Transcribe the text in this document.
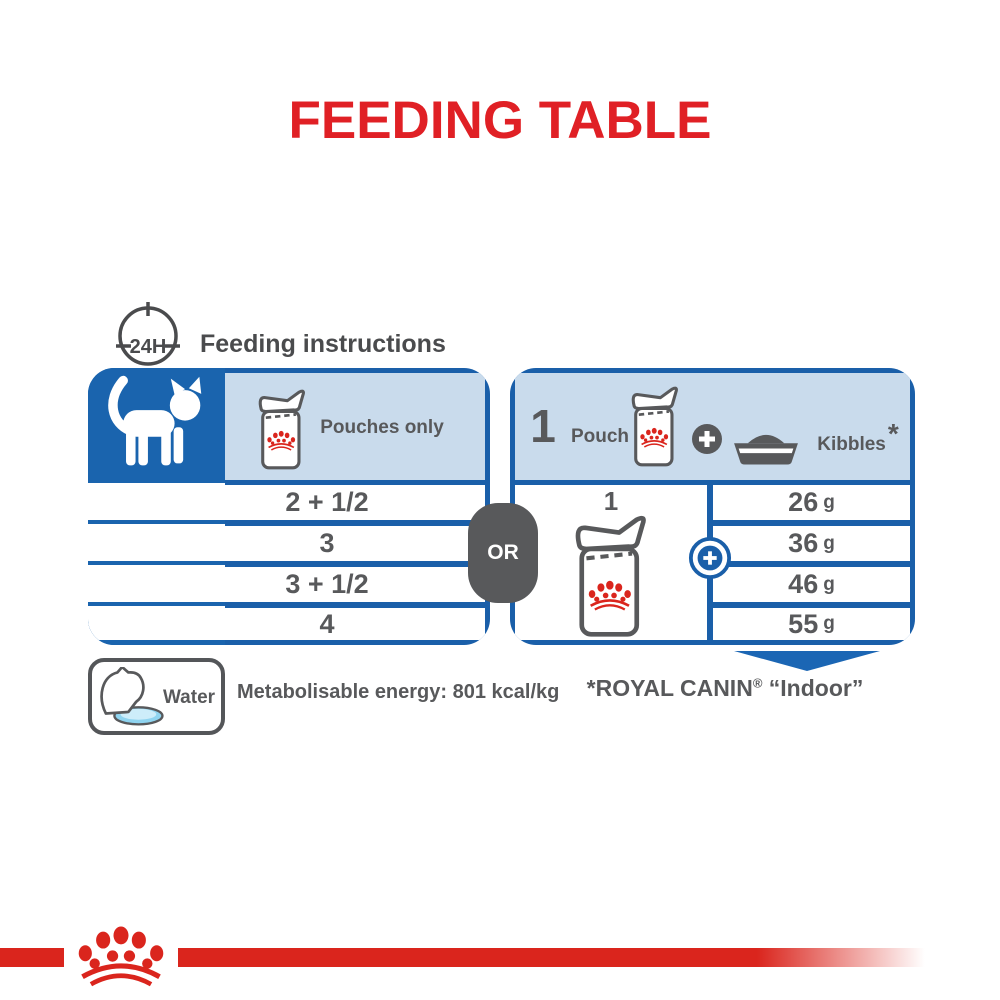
FEEDING TABLE
24H Feeding instructions
Pouches only
3 kg
4 kg
5 kg
6 kg
2 + 1/2
3
3 + 1/2
4
OR
1 Pouch	Kibbles*
1	26 g
36 g
46 g
55 g
*ROYAL CANIN® “Indoor”
Water Metabolisable energy: 801 kcal/kg
